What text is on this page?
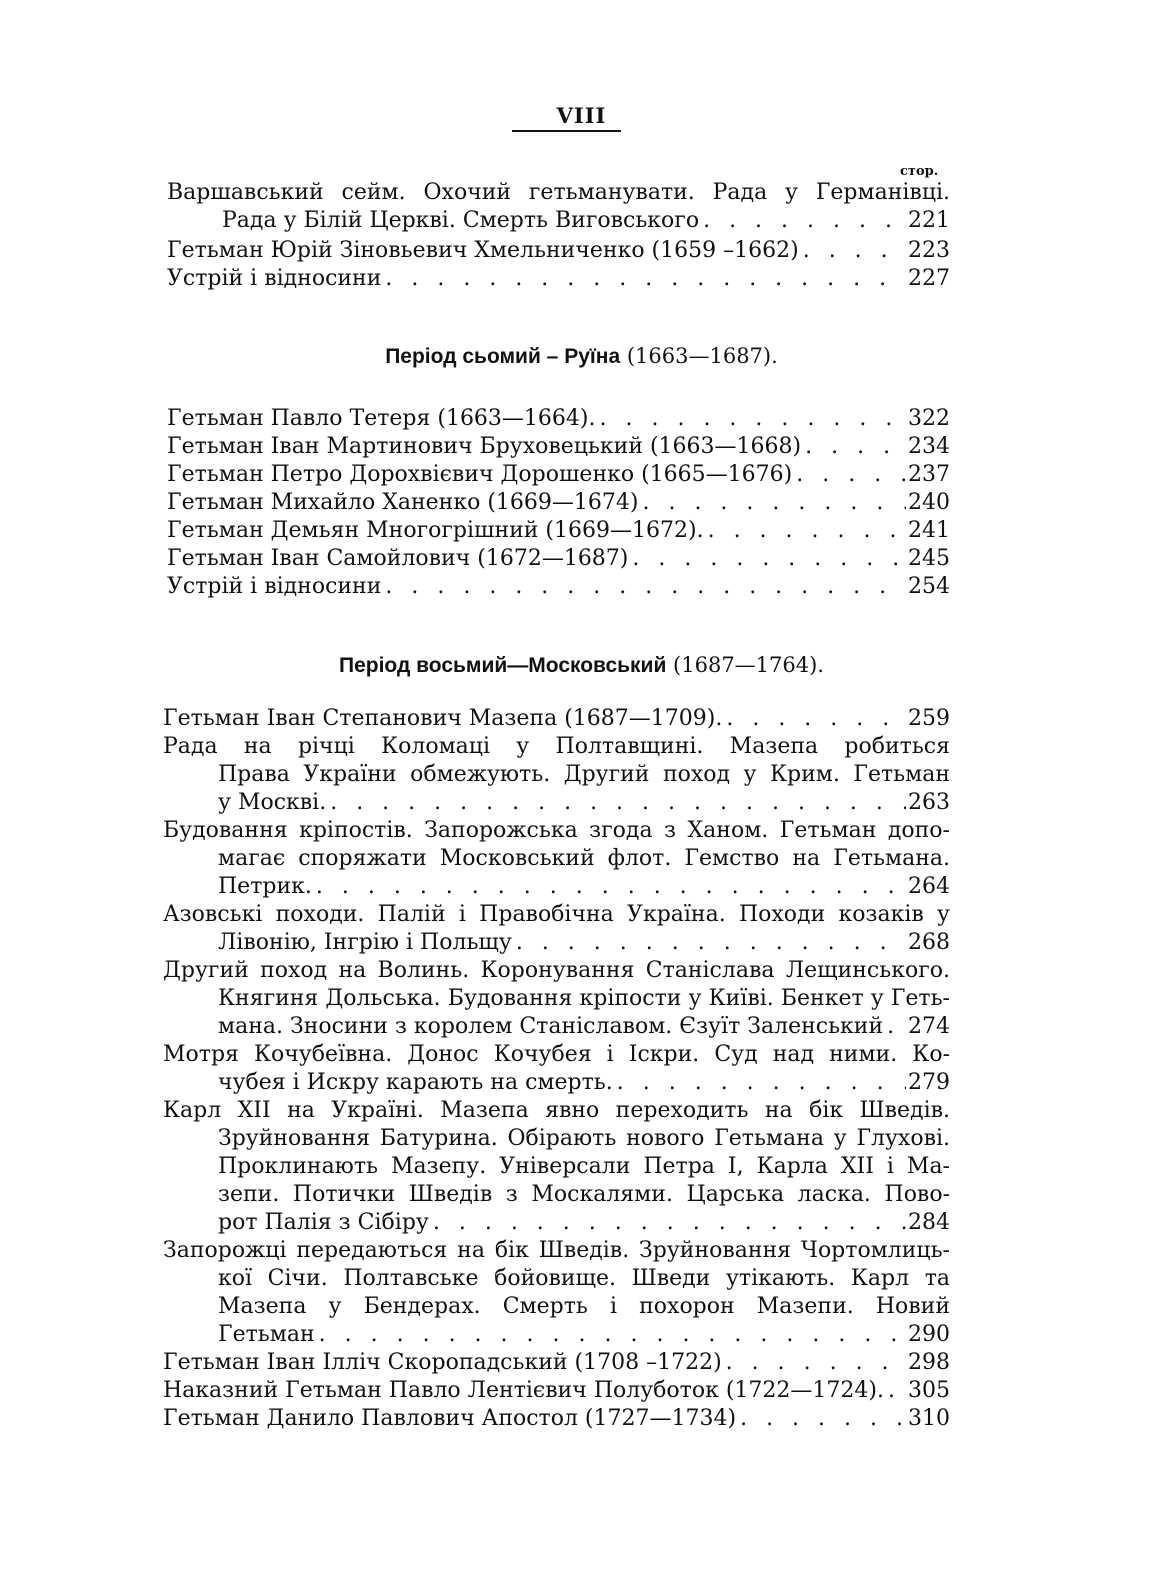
VIII
стор.
Варшавський сейм. Охочий гетьманувати. Рада у Германівці.
Рада у Білій Церкві. Смерть Виговського . . .	221
Гетьман Юрій Зіновьевич Хмельниченко (1659 –1662) . . .	223
Устрій і відносини . . .	227
Період сьомий – Руїна (1663—1687).
Гетьман Павло Тетеря (1663—1664). . . .	322
Гетьман Іван Мартинович Бруховецький (1663—1668) . . .	234
Гетьман Петро Дорохвієвич Дорошенко (1665—1676) . . .	237
Гетьман Михайло Ханенко (1669—1674) . . .	240
Гетьман Демьян Многогрішний (1669—1672). . . .	241
Гетьман Іван Самойлович (1672—1687) . . .	245
Устрій і відносини . . .	254
Період восьмий—Московський (1687—1764).
Гетьман Іван Степанович Мазепа (1687—1709). . . .	259
Рада на річці Коломаці у Полтавщині. Мазепа робиться
Права України обмежують. Другий поход у Крим. Гетьман
у Москві. . . .	263
Будовання кріпостів. Запорожська згода з Ханом. Гетьман допо-
магає споряжати Московський флот. Гемство на Гетьмана.
Петрик. . . .	264
Азовські походи. Палій і Правобічна Україна. Походи козаків у
Лівонію, Інгрію і Польщу . . .	268
Другий поход на Волинь. Коронування Станіслава Лещинського.
Княгиня Дольська. Будовання кріпости у Київі. Бенкет у Геть-
мана. Зносини з королем Станіславом. Єзуїт Заленський . . . 274
Мотря Кочубеївна. Донос Кочубея і Іскри. Суд над ними. Ко-
чубея і Искру карають на смерть. . . .	279
Карл XII на Україні. Мазепа явно переходить на бік Шведів.
Зруйновання Батурина. Обірають нового Гетьмана у Глухові.
Проклинають Мазепу. Універсали Петра І, Карла XII і Ма-
зепи. Потички Шведів з Москалями. Царська ласка. Пово-
рот Палія з Сібіру . . .	284
Запорожці передаються на бік Шведів. Зруйновання Чортомлиць-
кої Січи. Полтавське бойовище. Шведи утікають. Карл та
Мазепа у Бендерах. Смерть і похорон Мазепи. Новий
Гетьман . . .	290
Гетьман Іван Ілліч Скоропадський (1708 –1722) . . .	298
Наказний Гетьман Павло Лентієвич Полуботок (1722—1724). . . . 305
Гетьман Данило Павлович Апостол (1727—1734) . . .	310
